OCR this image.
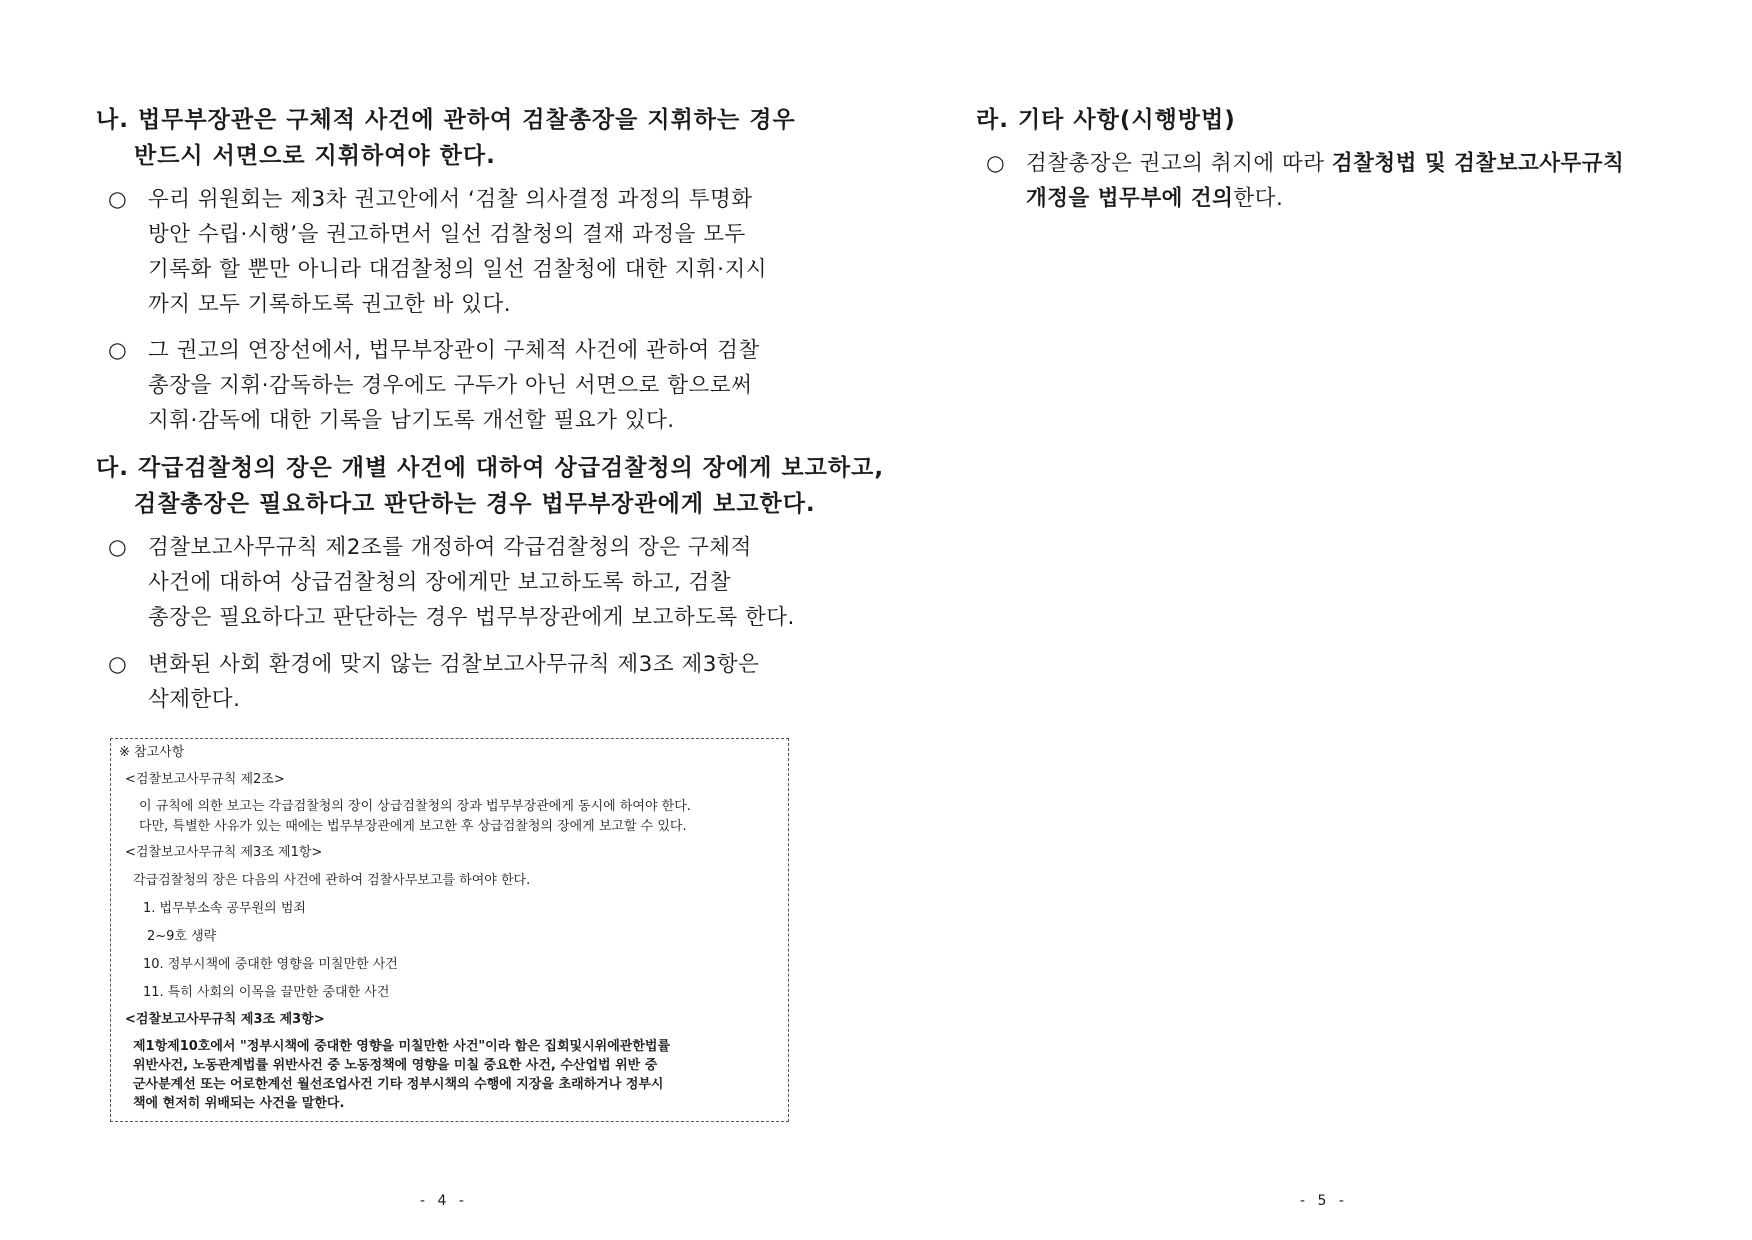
나. 법무부장관은 구체적 사건에 관하여 검찰총장을 지휘하는 경우
반드시 서면으로 지휘하여야 한다.
○ 우리 위원회는 제3차 권고안에서 ‘검찰 의사결정 과정의 투명화
방안 수립·시행’을 권고하면서 일선 검찰청의 결재 과정을 모두
기록화 할 뿐만 아니라 대검찰청의 일선 검찰청에 대한 지휘·지시
까지 모두 기록하도록 권고한 바 있다.
○ 그 권고의 연장선에서, 법무부장관이 구체적 사건에 관하여 검찰
총장을 지휘·감독하는 경우에도 구두가 아닌 서면으로 함으로써
지휘·감독에 대한 기록을 남기도록 개선할 필요가 있다.
다. 각급검찰청의 장은 개별 사건에 대하여 상급검찰청의 장에게 보고하고,
검찰총장은 필요하다고 판단하는 경우 법무부장관에게 보고한다.
○ 검찰보고사무규칙 제2조를 개정하여 각급검찰청의 장은 구체적
사건에 대하여 상급검찰청의 장에게만 보고하도록 하고, 검찰
총장은 필요하다고 판단하는 경우 법무부장관에게 보고하도록 한다.
○ 변화된 사회 환경에 맞지 않는 검찰보고사무규칙 제3조 제3항은
삭제한다.
※ 참고사항
<검찰보고사무규칙 제2조>
이 규칙에 의한 보고는 각급검찰청의 장이 상급검찰청의 장과 법무부장관에게 동시에 하여야 한다.
다만, 특별한 사유가 있는 때에는 법무부장관에게 보고한 후 상급검찰청의 장에게 보고할 수 있다.
<검찰보고사무규칙 제3조 제1항>
각급검찰청의 장은 다음의 사건에 관하여 검찰사무보고를 하여야 한다.
1. 법무부소속 공무원의 범죄
2~9호 생략
10. 정부시책에 중대한 영향을 미칠만한 사건
11. 특히 사회의 이목을 끌만한 중대한 사건
<검찰보고사무규칙 제3조 제3항>
제1항제10호에서 "정부시책에 중대한 영향을 미칠만한 사건"이라 함은 집회및시위에관한법률
위반사건, 노동관계법률 위반사건 중 노동정책에 영향을 미칠 중요한 사건, 수산업법 위반 중
군사분계선 또는 어로한계선 월선조업사건 기타 정부시책의 수행에 지장을 초래하거나 정부시
책에 현저히 위배되는 사건을 말한다.
- 4 -
라. 기타 사항(시행방법)
○ 검찰총장은 권고의 취지에 따라 검찰청법 및 검찰보고사무규칙
개정을 법무부에 건의한다.
- 5 -
